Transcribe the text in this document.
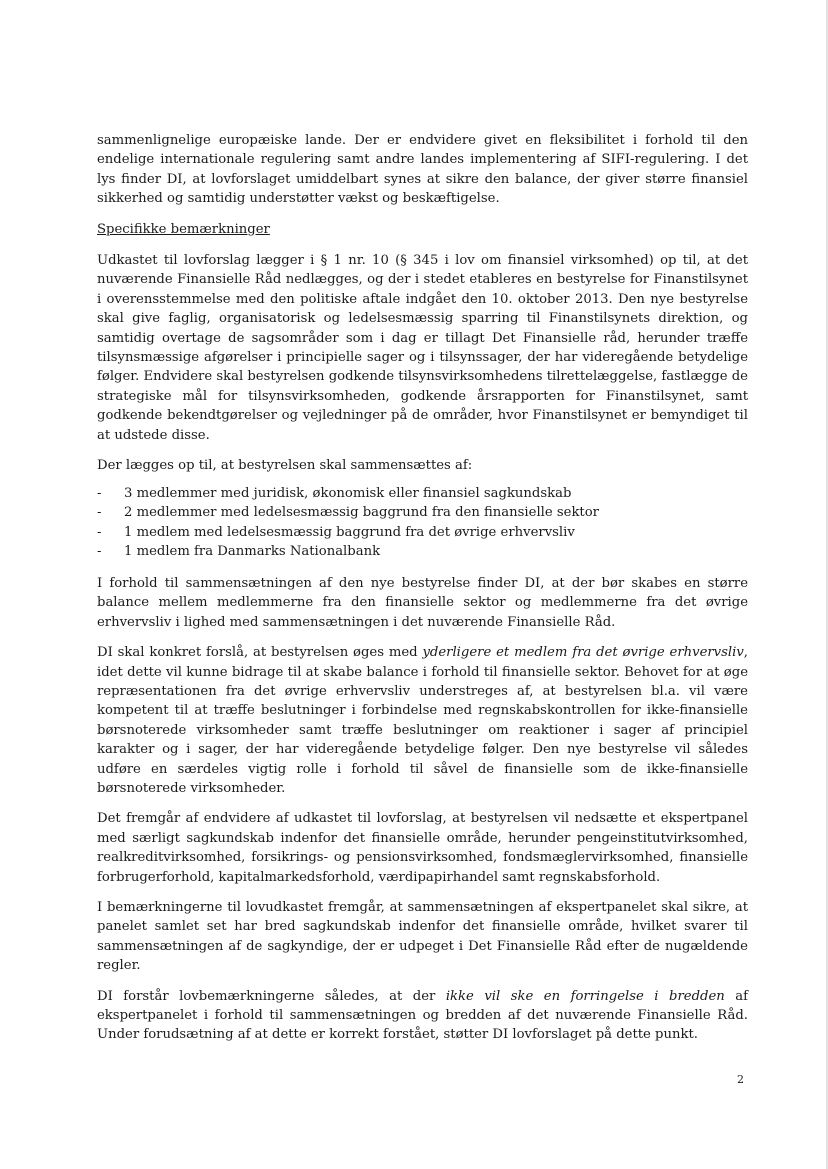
sammenlignelige europæiske lande. Der er endvidere givet en fleksibilitet i forhold til den endelige internationale regulering samt andre landes implementering af SIFI-regulering. I det lys finder DI, at lovforslaget umiddelbart synes at sikre den balance, der giver større finansiel sikkerhed og samtidig understøtter vækst og beskæftigelse.

Specifikke bemærkninger

Udkastet til lovforslag lægger i § 1 nr. 10 (§ 345 i lov om finansiel virksomhed) op til, at det nuværende Finansielle Råd nedlægges, og der i stedet etableres en bestyrelse for Finanstilsynet i overensstemmelse med den politiske aftale indgået den 10. oktober 2013. Den nye bestyrelse skal give faglig, organisatorisk og ledelsesmæssig sparring til Finanstilsynets direktion, og samtidig overtage de sagsområder som i dag er tillagt Det Finansielle råd, herunder træffe tilsynsmæssige afgørelser i principielle sager og i tilsynssager, der har videregående betydelige følger. Endvidere skal bestyrelsen godkende tilsynsvirksomhedens tilrettelæggelse, fastlægge de strategiske mål for tilsynsvirksomheden, godkende årsrapporten for Finanstilsynet, samt godkende bekendtgørelser og vejledninger på de områder, hvor Finanstilsynet er bemyndiget til at udstede disse.

Der lægges op til, at bestyrelsen skal sammensættes af:

-	3 medlemmer med juridisk, økonomisk eller finansiel sagkundskab
-	2 medlemmer med ledelsesmæssig baggrund fra den finansielle sektor
-	1 medlem med ledelsesmæssig baggrund fra det øvrige erhvervsliv
-	1 medlem fra Danmarks Nationalbank

I forhold til sammensætningen af den nye bestyrelse finder DI, at der bør skabes en større balance mellem medlemmerne fra den finansielle sektor og medlemmerne fra det øvrige erhvervsliv i lighed med sammensætningen i det nuværende Finansielle Råd.

DI skal konkret forslå, at bestyrelsen øges med yderligere et medlem fra det øvrige erhvervsliv, idet dette vil kunne bidrage til at skabe balance i forhold til finansielle sektor. Behovet for at øge repræsentationen fra det øvrige erhvervsliv understreges af, at bestyrelsen bl.a. vil være kompetent til at træffe beslutninger i forbindelse med regnskabskontrollen for ikke-finansielle børsnoterede virksomheder samt træffe beslutninger om reaktioner i sager af principiel karakter og i sager, der har videregående betydelige følger. Den nye bestyrelse vil således udføre en særdeles vigtig rolle i forhold til såvel de finansielle som de ikke-finansielle børsnoterede virksomheder.

Det fremgår af endvidere af udkastet til lovforslag, at bestyrelsen vil nedsætte et ekspertpanel med særligt sagkundskab indenfor det finansielle område, herunder pengeinstitutvirksomhed, realkreditvirksomhed, forsikrings- og pensionsvirksomhed, fondsmæglervirksomhed, finansielle forbrugerforhold, kapitalmarkedsforhold, værdipapirhandel samt regnskabsforhold.

I bemærkningerne til lovudkastet fremgår, at sammensætningen af ekspertpanelet skal sikre, at panelet samlet set har bred sagkundskab indenfor det finansielle område, hvilket svarer til sammensætningen af de sagkyndige, der er udpeget i Det Finansielle Råd efter de nugældende regler.

DI forstår lovbemærkningerne således, at der ikke vil ske en forringelse i bredden af ekspertpanelet i forhold til sammensætningen og bredden af det nuværende Finansielle Råd. Under forudsætning af at dette er korrekt forstået, støtter DI lovforslaget på dette punkt.

2
